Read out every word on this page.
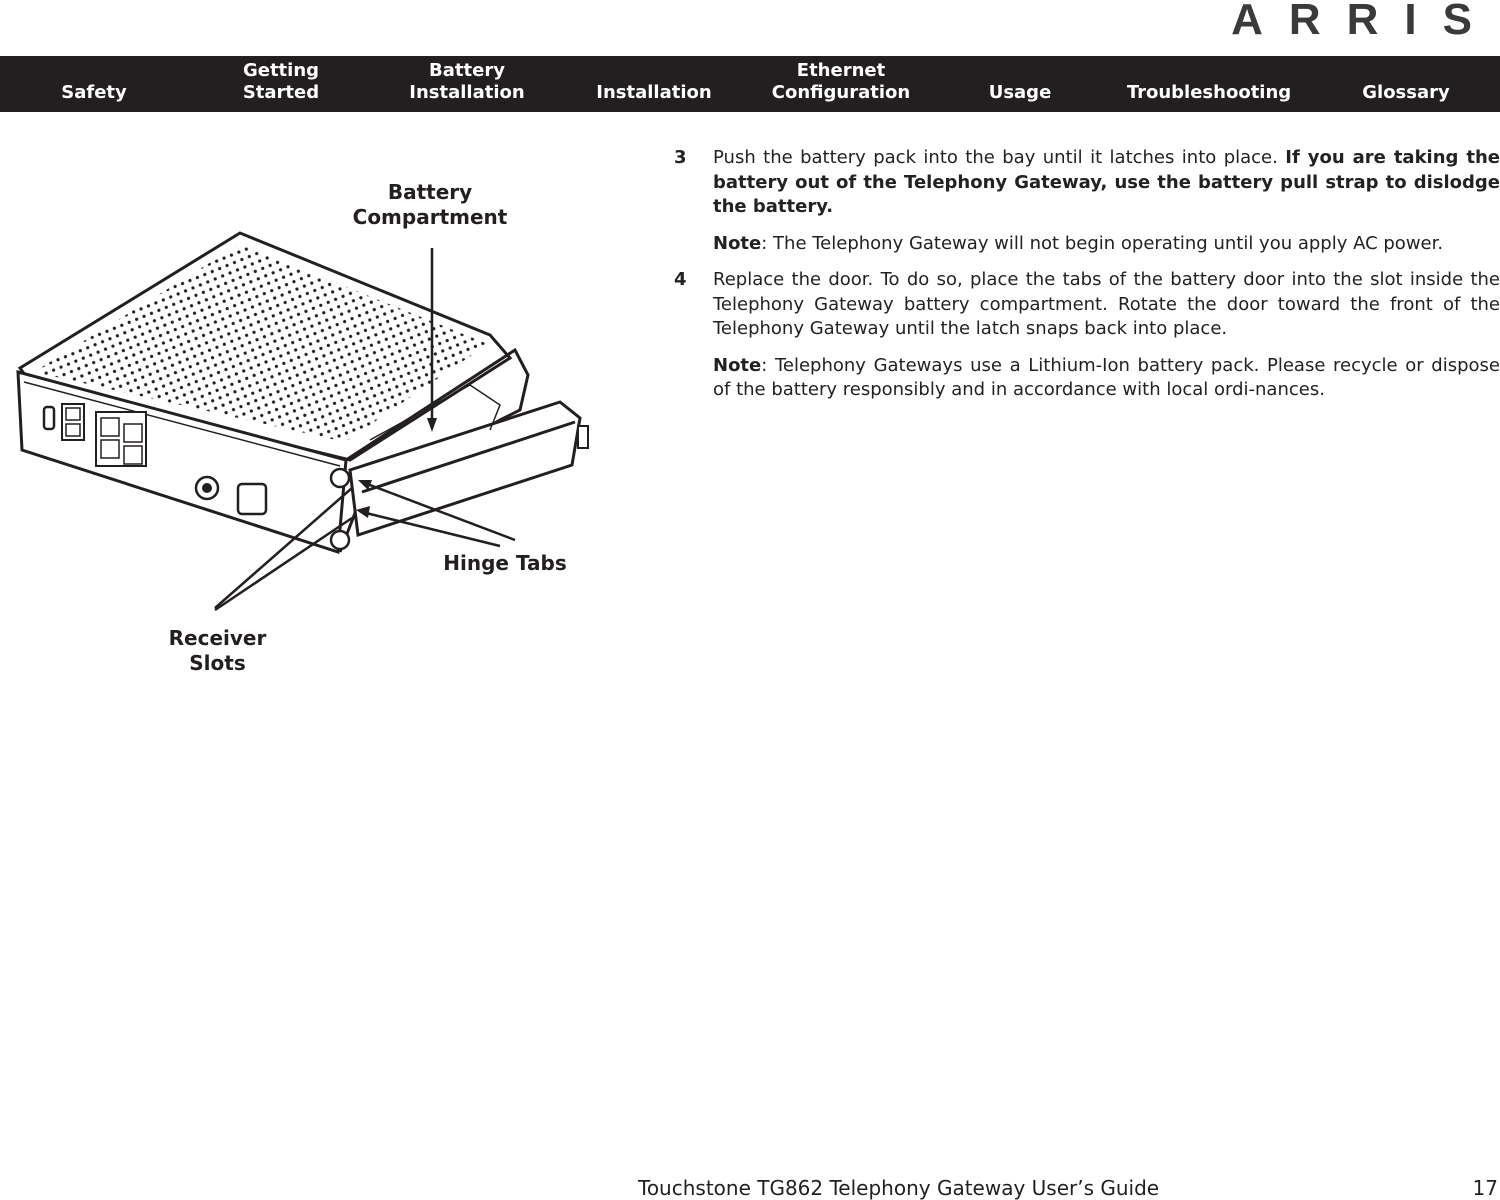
ARRIS
Safety
Getting
Started
Battery
Installation	Installation
Ethernet
Configuration	Usage	Troubleshooting	Glossary
Battery
Compartment
Hinge Tabs
Receiver
Slots
3	Push the battery pack into the bay until it latches into place. If you are taking the battery out of the Telephony Gateway, use the battery pull strap to dislodge the battery.

Note: The Telephony Gateway will not begin operating until you apply AC power.

4	Replace the door. To do so, place the tabs of the battery door into the slot inside the Telephony Gateway battery compartment. Rotate the door toward the front of the Telephony Gateway until the latch snaps back into place.

Note: Telephony Gateways use a Lithium-Ion battery pack. Please recycle or dispose of the battery responsibly and in accordance with local ordi-nances.

Touchstone TG862 Telephony Gateway User’s Guide	17
